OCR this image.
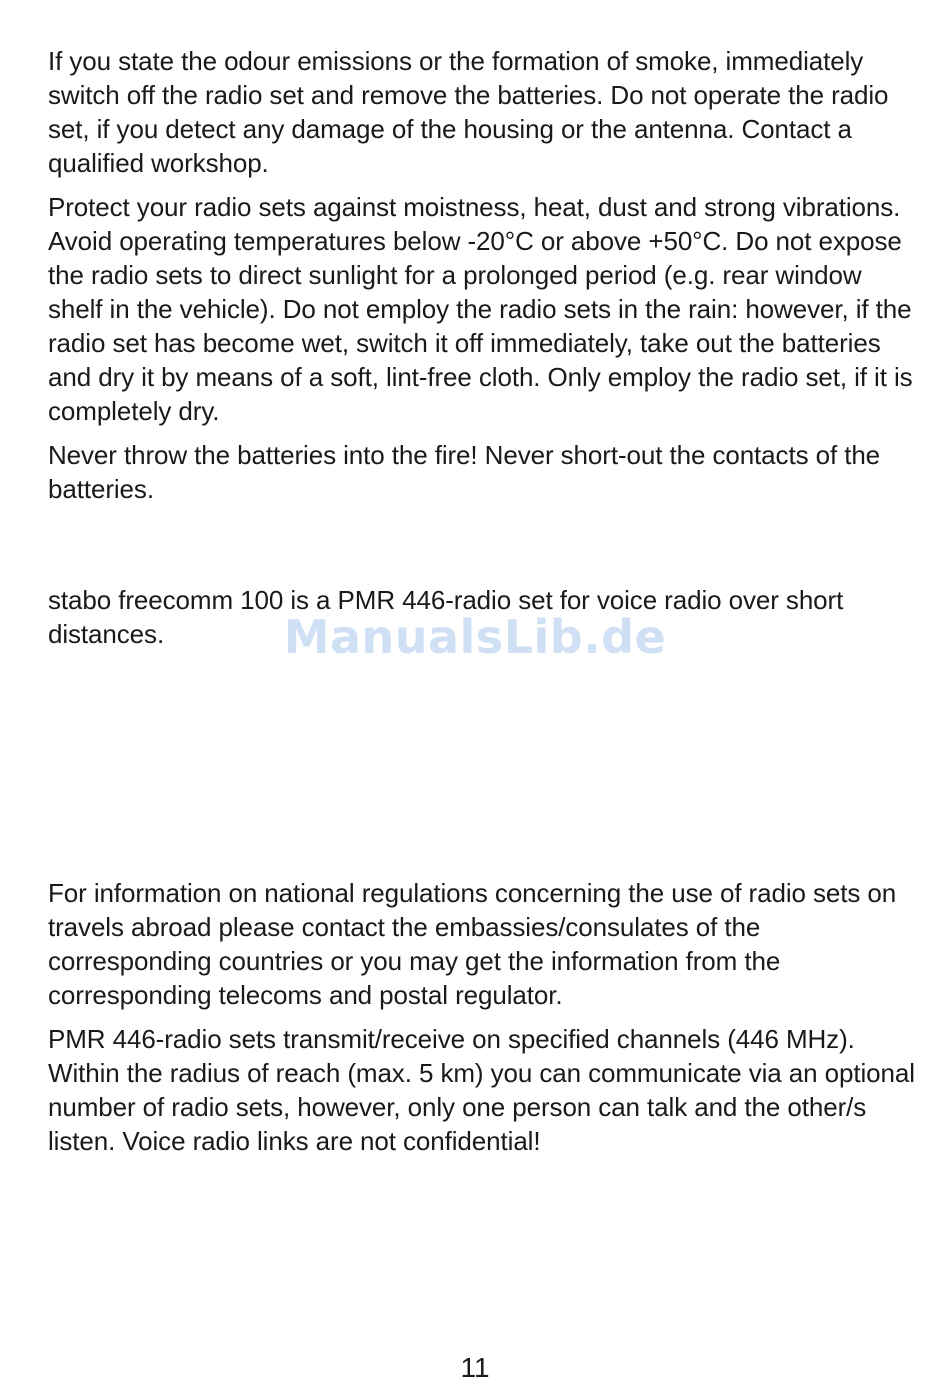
If you state the odour emissions or the formation of smoke, immediately switch off the radio set and remove the batteries. Do not operate the radio set, if you detect any damage of the housing or the antenna. Contact a qualified workshop.

Protect your radio sets against moistness, heat, dust and strong vibrations. Avoid operating temperatures below -20°C or above +50°C. Do not expose the radio sets to direct sunlight for a prolonged period (e.g. rear window shelf in the vehicle). Do not employ the radio sets in the rain: however, if the radio set has become wet, switch it off immediately, take out the batteries and dry it by means of a soft, lint-free cloth. Only employ the radio set, if it is completely dry.

Never throw the batteries into the fire! Never short-out the contacts of the batteries.

stabo freecomm 100 is a PMR 446-radio set for voice radio over short distances.	ManualsLib.de

For information on national regulations concerning the use of radio sets on travels abroad please contact the embassies/consulates of the corresponding countries or you may get the information from the corresponding telecoms and postal regulator.

PMR 446-radio sets transmit/receive on specified channels (446 MHz). Within the radius of reach (max. 5 km) you can communicate via an optional number of radio sets, however, only one person can talk and the other/s listen. Voice radio links are not confidential!

11
